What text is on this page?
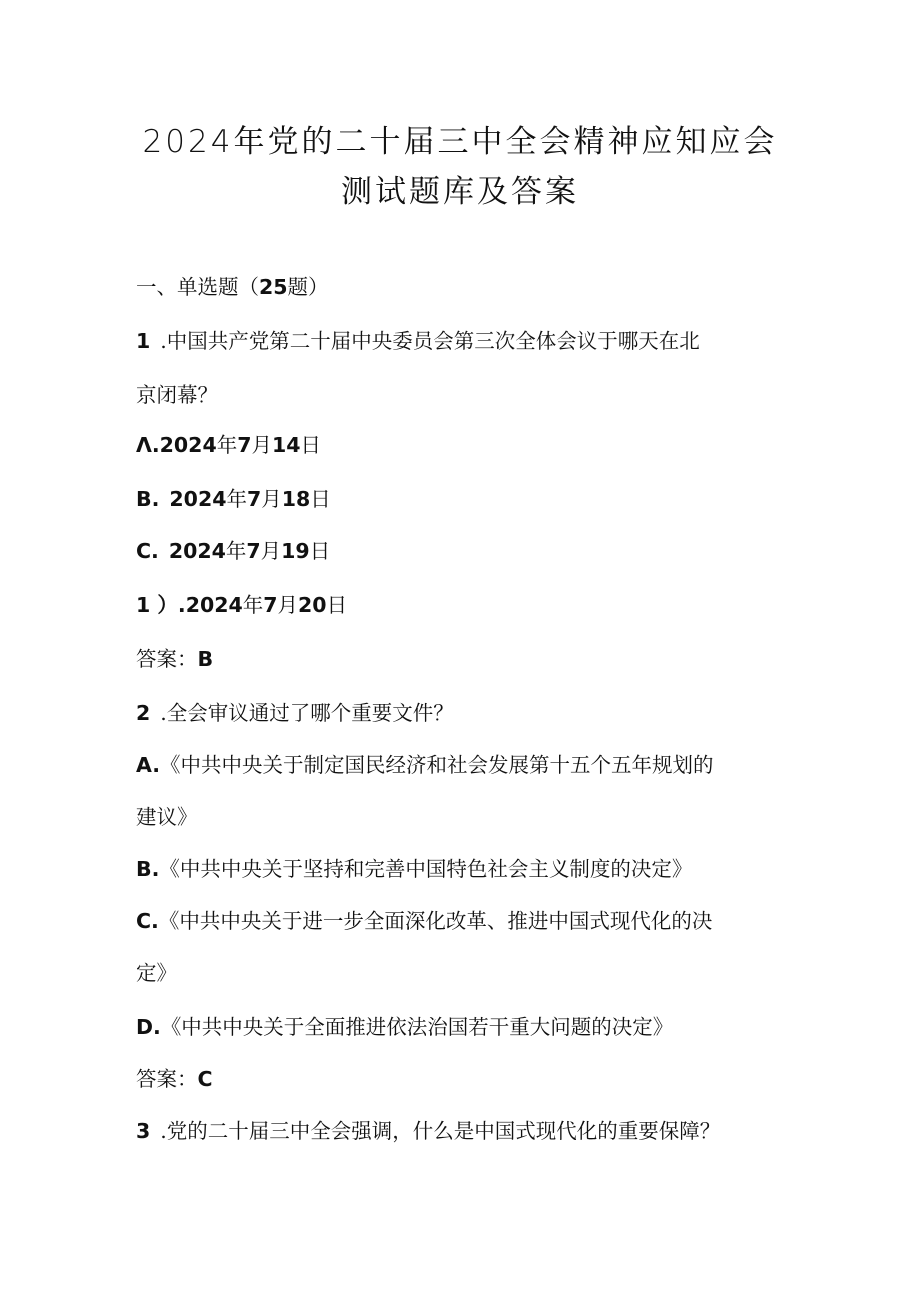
2024年党的二十届三中全会精神应知应会
测试题库及答案
一、单选题（25题）
1 .中国共产党第二十届中央委员会第三次全体会议于哪天在北
京闭幕？
Λ.2024年7月14日
B. 2024年7月18日
C. 2024年7月19日
1 ）.2024年7月20日
答案：B
2 .全会审议通过了哪个重要文件？
A.《中共中央关于制定国民经济和社会发展第十五个五年规划的
建议》
B.《中共中央关于坚持和完善中国特色社会主义制度的决定》
C.《中共中央关于进一步全面深化改革、推进中国式现代化的决
定》
D.《中共中央关于全面推进依法治国若干重大问题的决定》
答案：C
3 .党的二十届三中全会强调，什么是中国式现代化的重要保障？
